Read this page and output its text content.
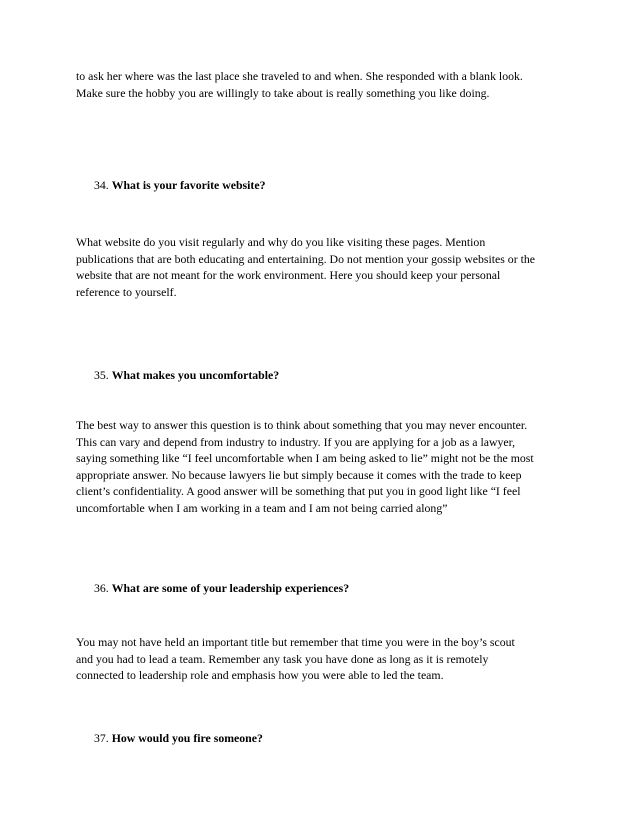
to ask her where was the last place she traveled to and when. She responded with a blank look.
Make sure the hobby you are willingly to take about is really something you like doing.
34. What is your favorite website?
What website do you visit regularly and why do you like visiting these pages. Mention
publications that are both educating and entertaining. Do not mention your gossip websites or the
website that are not meant for the work environment. Here you should keep your personal
reference to yourself.
35. What makes you uncomfortable?
The best way to answer this question is to think about something that you may never encounter.
This can vary and depend from industry to industry. If you are applying for a job as a lawyer,
saying something like “I feel uncomfortable when I am being asked to lie” might not be the most
appropriate answer. No because lawyers lie but simply because it comes with the trade to keep
client’s confidentiality. A good answer will be something that put you in good light like “I feel
uncomfortable when I am working in a team and I am not being carried along”
36. What are some of your leadership experiences?
You may not have held an important title but remember that time you were in the boy’s scout
and you had to lead a team. Remember any task you have done as long as it is remotely
connected to leadership role and emphasis how you were able to led the team.
37. How would you fire someone?
